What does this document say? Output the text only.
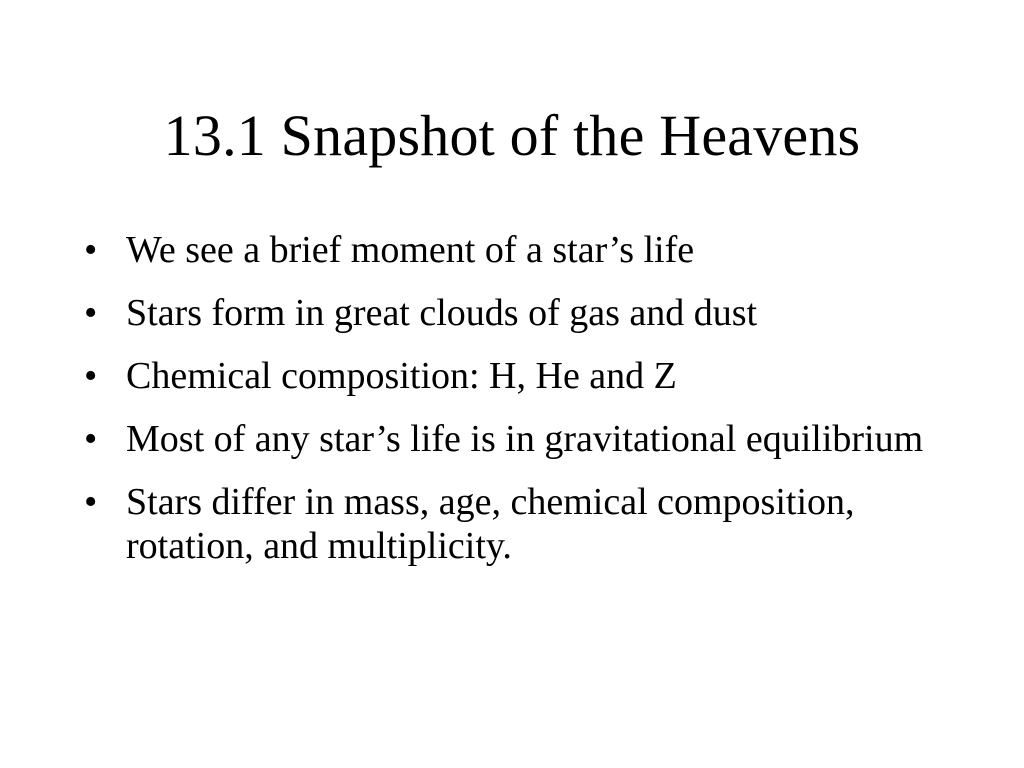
13.1 Snapshot of the Heavens
• We see a brief moment of a star’s life
• Stars form in great clouds of gas and dust
• Chemical composition: H, He and Z
• Most of any star’s life is in gravitational equilibrium
• Stars differ in mass, age, chemical composition, rotation, and multiplicity.
